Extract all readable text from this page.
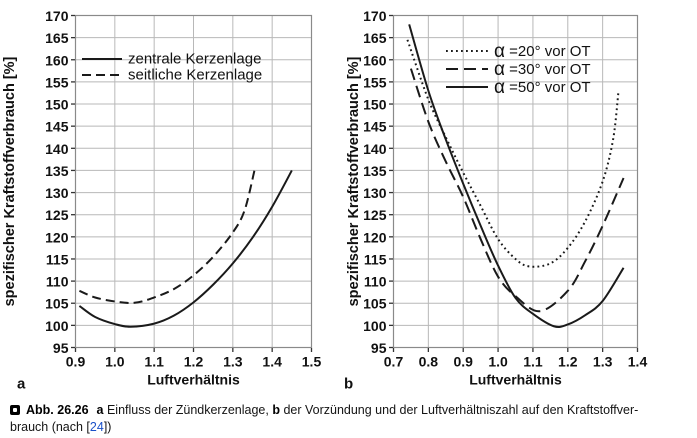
95
100
105
110
115
120
125
130
135
140
145
150
155
160
165
170
0.9 1.0 1.1 1.2 1.3 1.4 1.5
Luftverhältnis
spezifischer Kraftstoffverbrauch [%]
a
zentrale Kerzenlage
seitliche Kerzenlage
95
100
105
110
115
120
125
130
135
140
145
150
155
160
165
170
0.7 0.8 0.9 1.0 1.1 1.2 1.3 1.4
Luftverhältnis
spezifischer Kraftstoffverbrauch [%]
b
α =20° vor OT
α =30° vor OT
α =50° vor OT
Abb. 26.26 a Einfluss der Zündkerzenlage, b der Vorzündung und der Luftverhältniszahl auf den Kraftstoffver-
brauch (nach [24])
